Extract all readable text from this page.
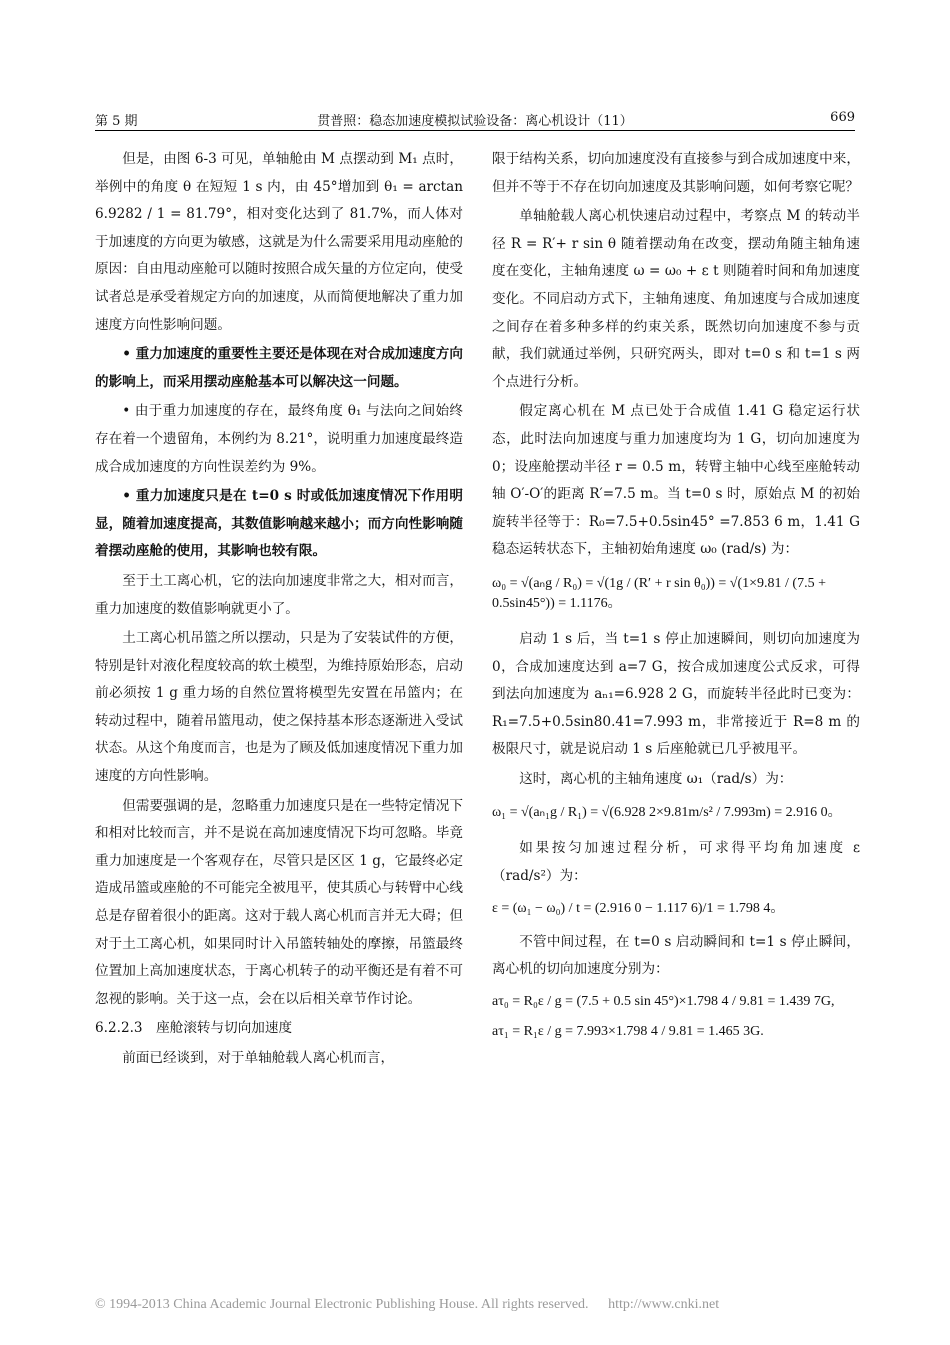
第 5 期	贯普照：稳态加速度模拟试验设备：离心机设计（11）	669

但是，由图 6-3 可见，单轴舱由 M 点摆动到 M₁ 点时，举例中的角度 θ 在短短 1 s 内，由 45°增加到 θ₁ = arctan 6.9282 / 1 = 81.79°，相对变化达到了 81.7%，而人体对于加速度的方向更为敏感，这就是为什么需要采用甩动座舱的原因：自由甩动座舱可以随时按照合成矢量的方位定向，使受试者总是承受着规定方向的加速度，从而简便地解决了重力加速度方向性影响问题。

• 重力加速度的重要性主要还是体现在对合成加速度方向的影响上，而采用摆动座舱基本可以解决这一问题。

• 由于重力加速度的存在，最终角度 θ₁ 与法向之间始终存在着一个遗留角，本例约为 8.21°，说明重力加速度最终造成合成加速度的方向性误差约为 9%。

• 重力加速度只是在 t=0 s 时或低加速度情况下作用明显，随着加速度提高，其数值影响越来越小；而方向性影响随着摆动座舱的使用，其影响也较有限。

至于土工离心机，它的法向加速度非常之大，相对而言，重力加速度的数值影响就更小了。

土工离心机吊篮之所以摆动，只是为了安装试件的方便，特别是针对液化程度较高的软土模型，为维持原始形态，启动前必须按 1 g 重力场的自然位置将模型先安置在吊篮内；在转动过程中，随着吊篮甩动，使之保持基本形态逐渐进入受试状态。从这个角度而言，也是为了顾及低加速度情况下重力加速度的方向性影响。

但需要强调的是，忽略重力加速度只是在一些特定情况下和相对比较而言，并不是说在高加速度情况下均可忽略。毕竟重力加速度是一个客观存在，尽管只是区区 1 g，它最终必定造成吊篮或座舱的不可能完全被甩平，使其质心与转臂中心线总是存留着很小的距离。这对于载人离心机而言并无大碍；但对于土工离心机，如果同时计入吊篮转轴处的摩擦，吊篮最终位置加上高加速度状态，于离心机转子的动平衡还是有着不可忽视的影响。关于这一点，会在以后相关章节作讨论。

6.2.2.3　座舱滚转与切向加速度

前面已经谈到，对于单轴舱载人离心机而言，

限于结构关系，切向加速度没有直接参与到合成加速度中来，但并不等于不存在切向加速度及其影响问题，如何考察它呢？

单轴舱载人离心机快速启动过程中，考察点 M 的转动半径 R = R′+ r sin θ 随着摆动角在改变，摆动角随主轴角速度在变化，主轴角速度 ω = ω₀ + ε t 则随着时间和角加速度变化。不同启动方式下，主轴角速度、角加速度与合成加速度之间存在着多种多样的约束关系，既然切向加速度不参与贡献，我们就通过举例，只研究两头，即对 t=0 s 和 t=1 s 两个点进行分析。

假定离心机在 M 点已处于合成值 1.41 G 稳定运行状态，此时法向加速度与重力加速度均为 1 G，切向加速度为 0；设座舱摆动半径 r = 0.5 m，转臂主轴中心线至座舱转动轴 O′-O′的距离 R′=7.5 m。当 t=0 s 时，原始点 M 的初始旋转半径等于：R₀=7.5+0.5sin45° =7.853 6 m，1.41 G 稳态运转状态下，主轴初始角速度 ω₀ (rad/s) 为：

ω₀ = √(aₙg / R₀) = √(1g / (R′ + r sin θ₀)) = √(1×9.81 / (7.5 + 0.5sin45°)) = 1.1176。

启动 1 s 后，当 t=1 s 停止加速瞬间，则切向加速度为 0，合成加速度达到 a=7 G，按合成加速度公式反求，可得到法向加速度为 aₙ₁=6.928 2 G，而旋转半径此时已变为：R₁=7.5+0.5sin80.41=7.993 m，非常接近于 R=8 m 的极限尺寸，就是说启动 1 s 后座舱就已几乎被甩平。

这时，离心机的主轴角速度 ω₁（rad/s）为：

ω₁ = √(aₙ₁g / R₁) = √(6.928 2×9.81m/s² / 7.993m) = 2.916 0。

如果按匀加速过程分析，可求得平均角加速度 ε（rad/s²）为：

ε = (ω₁ − ω₀) / t = (2.916 0 − 1.117 6)/1 = 1.798 4。

不管中间过程，在 t=0 s 启动瞬间和 t=1 s 停止瞬间，离心机的切向加速度分别为：

aτ₀ = R₀ε / g = (7.5 + 0.5 sin 45°)×1.798 4 / 9.81 = 1.439 7G,
aτ₁ = R₁ε / g = 7.993×1.798 4 / 9.81 = 1.465 3G.
© 1994-2013 China Academic Journal Electronic Publishing House. All rights reserved. http://www.cnki.net
